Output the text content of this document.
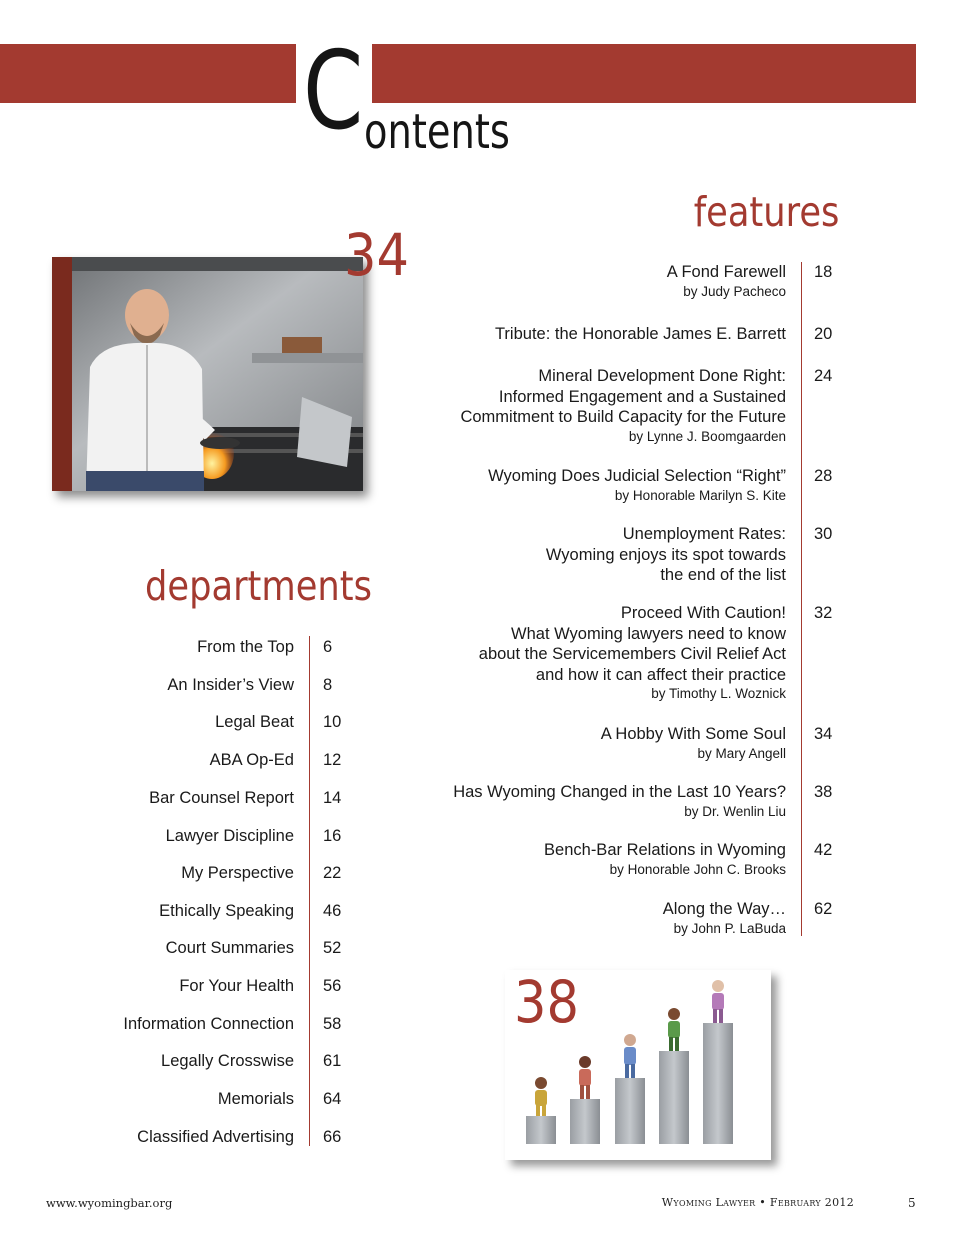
C ontents
features
34	A Fond Farewell
by Judy Pacheco
18
Tribute: the Honorable James E. Barrett 20
Mineral Development Done Right:
Informed Engagement and a Sustained
Commitment to Build Capacity for the Future
by Lynne J. Boomgaarden
24
Wyoming Does Judicial Selection “Right”
by Honorable Marilyn S. Kite
28
Unemployment Rates:
Wyoming enjoys its spot towards
the end of the list
30
Proceed With Caution!
What Wyoming lawyers need to know
about the Servicemembers Civil Relief Act
and how it can affect their practice
by Timothy L. Woznick
32
A Hobby With Some Soul
by Mary Angell
34
Has Wyoming Changed in the Last 10 Years?
by Dr. Wenlin Liu
38
Bench-Bar Relations in Wyoming
by Honorable John C. Brooks
42
Along the Way…
by John P. LaBuda
62
departments
From the Top 6
An Insider’s View 8
Legal Beat 10
ABA Op-Ed 12
Bar Counsel Report 14
Lawyer Discipline 16
My Perspective 22
Ethically Speaking 46
Court Summaries 52
For Your Health 56
Information Connection 58
Legally Crosswise 61
Memorials 64
Classified Advertising 66
38
www.wyomingbar.org	Wyoming Lawyer • February 2012	5
